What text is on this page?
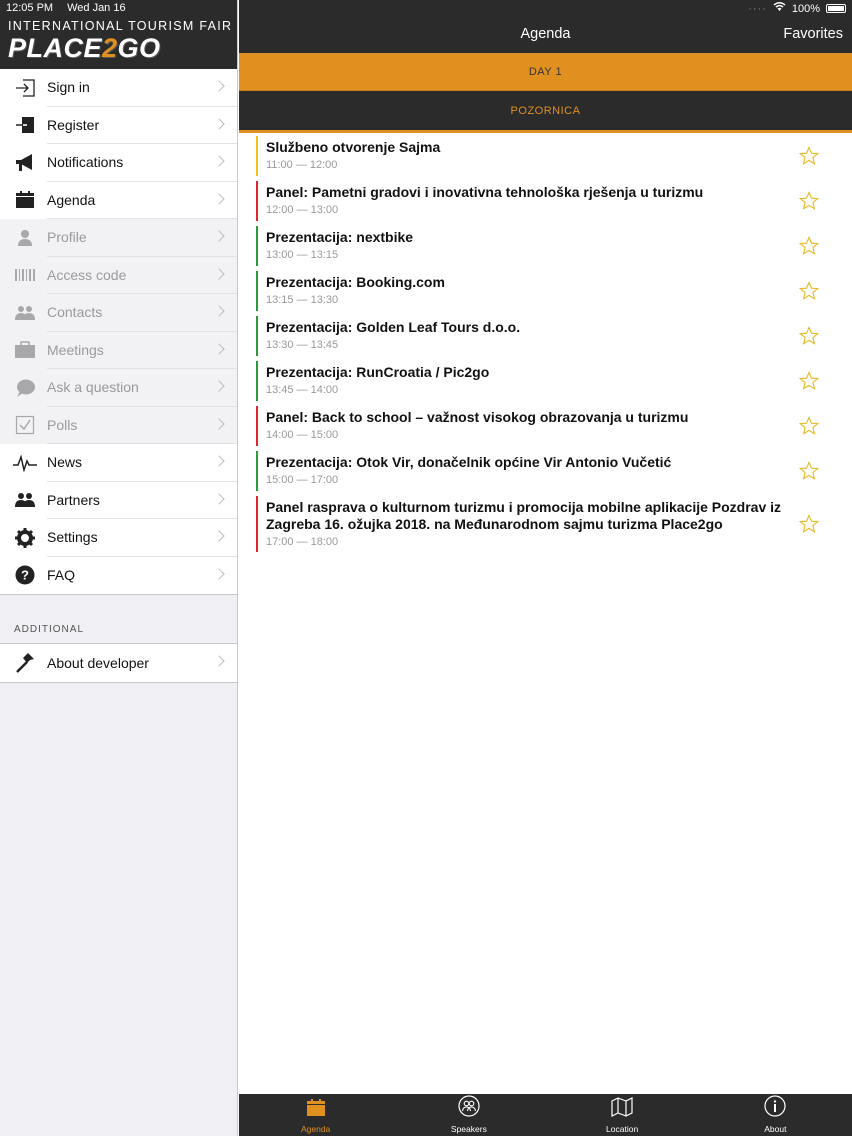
12:05 PM Wed Jan 16	···· 100%
INTERNATIONAL TOURISM FAIR
PLACE2GO
Sign in
Register
Notifications
Agenda
Profile
Access code
Contacts
Meetings
Ask a question
Polls
News
Partners
Settings
? FAQ
ADDITIONAL
About developer
Agenda	Favorites
DAY 1
POZORNICA
Službeno otvorenje Sajma
11:00 — 12:00
Panel: Pametni gradovi i inovativna tehnološka rješenja u turizmu
12:00 — 13:00
Prezentacija: nextbike
13:00 — 13:15
Prezentacija: Booking.com
13:15 — 13:30
Prezentacija: Golden Leaf Tours d.o.o.
13:30 — 13:45
Prezentacija: RunCroatia / Pic2go
13:45 — 14:00
Panel: Back to school – važnost visokog obrazovanja u turizmu
14:00 — 15:00
Prezentacija: Otok Vir, donačelnik općine Vir Antonio Vučetić
15:00 — 17:00
Panel rasprava o kulturnom turizmu i promocija mobilne aplikacije Pozdrav iz Zagreba 16. ožujka 2018. na Međunarodnom sajmu turizma Place2go
17:00 — 18:00
Agenda	Speakers	Location	About
